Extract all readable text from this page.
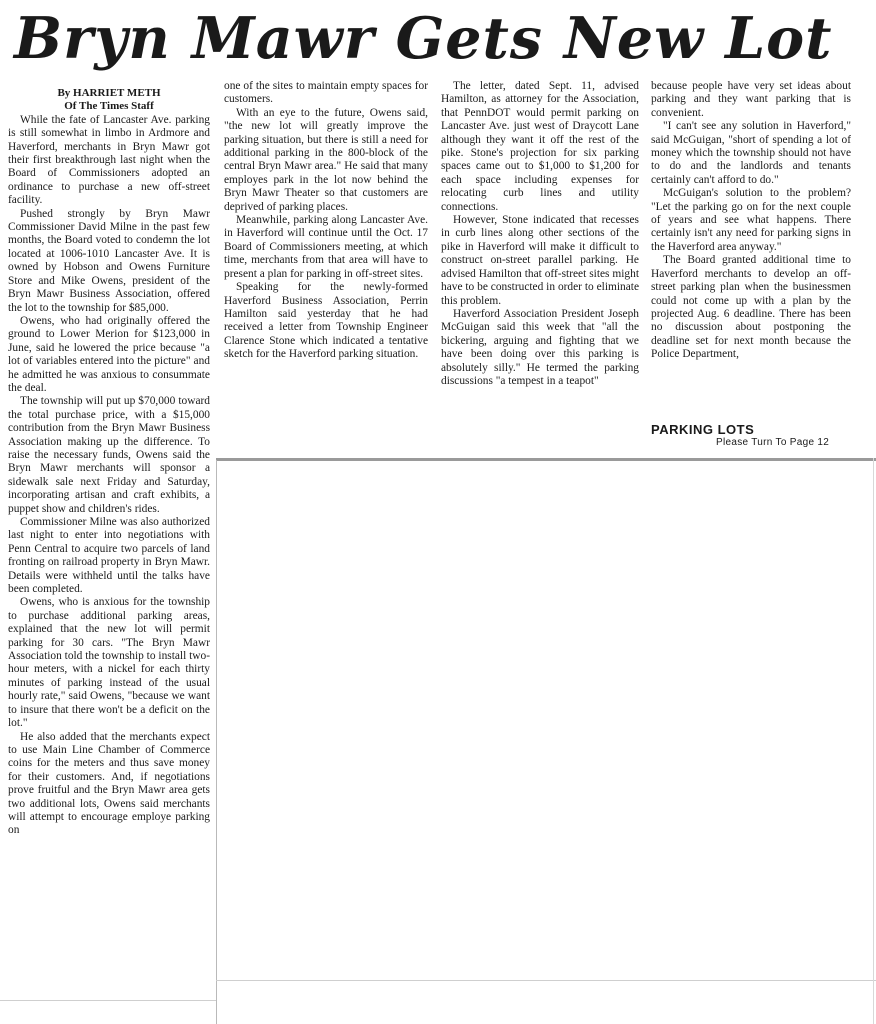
Bryn Mawr Gets New Lot

By HARRIET METH

Of The Times Staff

While the fate of Lancaster Ave. parking is still somewhat in limbo in Ardmore and Haverford, merchants in Bryn Mawr got their first breakthrough last night when the Board of Commissioners adopted an ordinance to purchase a new off-street facility.

Pushed strongly by Bryn Mawr Commissioner David Milne in the past few months, the Board voted to condemn the lot located at 1006-1010 Lancaster Ave. It is owned by Hobson and Owens Furniture Store and Mike Owens, president of the Bryn Mawr Business Association, offered the lot to the township for $85,000.

Owens, who had originally offered the ground to Lower Merion for $123,000 in June, said he lowered the price because "a lot of variables entered into the picture" and he admitted he was anxious to consummate the deal.

The township will put up $70,000 toward the total purchase price, with a $15,000 contribution from the Bryn Mawr Business Association making up the difference. To raise the necessary funds, Owens said the Bryn Mawr merchants will sponsor a sidewalk sale next Friday and Saturday, incorporating artisan and craft exhibits, a puppet show and children's rides.

Commissioner Milne was also authorized last night to enter into negotiations with Penn Central to acquire two parcels of land fronting on railroad property in Bryn Mawr. Details were withheld until the talks have been completed.

Owens, who is anxious for the township to purchase additional parking areas, explained that the new lot will permit parking for 30 cars. "The Bryn Mawr Association told the township to install two-hour meters, with a nickel for each thirty minutes of parking instead of the usual hourly rate," said Owens, "because we want to insure that there won't be a deficit on the lot."

He also added that the merchants expect to use Main Line Chamber of Commerce coins for the meters and thus save money for their customers. And, if negotiations prove fruitful and the Bryn Mawr area gets two additional lots, Owens said merchants will attempt to encourage employe parking on

one of the sites to maintain empty spaces for customers.

With an eye to the future, Owens said, "the new lot will greatly improve the parking situation, but there is still a need for additional parking in the 800-block of the central Bryn Mawr area." He said that many employes park in the lot now behind the Bryn Mawr Theater so that customers are deprived of parking places.

Meanwhile, parking along Lancaster Ave. in Haverford will continue until the Oct. 17 Board of Commissioners meeting, at which time, merchants from that area will have to present a plan for parking in off-street sites.

Speaking for the newly-formed Haverford Business Association, Perrin Hamilton said yesterday that he had received a letter from Township Engineer Clarence Stone which indicated a tentative sketch for the Haverford parking situation.

The letter, dated Sept. 11, advised Hamilton, as attorney for the Association, that PennDOT would permit parking on Lancaster Ave. just west of Draycott Lane although they want it off the rest of the pike. Stone's projection for six parking spaces came out to $1,000 to $1,200 for each space including expenses for relocating curb lines and utility connections.

However, Stone indicated that recesses in curb lines along other sections of the pike in Haverford will make it difficult to construct on-street parallel parking. He advised Hamilton that off-street sites might have to be constructed in order to eliminate this problem.

Haverford Association President Joseph McGuigan said this week that "all the bickering, arguing and fighting that we have been doing over this parking is absolutely silly." He termed the parking discussions "a tempest in a teapot"

because people have very set ideas about parking and they want parking that is convenient.

"I can't see any solution in Haverford," said McGuigan, "short of spending a lot of money which the township should not have to do and the landlords and tenants certainly can't afford to do."

McGuigan's solution to the problem? "Let the parking go on for the next couple of years and see what happens. There certainly isn't any need for parking signs in the Haverford area anyway."

The Board granted additional time to Haverford merchants to develop an off-street parking plan when the businessmen could not come up with a plan by the projected Aug. 6 deadline. There has been no discussion about postponing the deadline set for next month because the Police Department,

PARKING LOTS
Please Turn To Page 12
